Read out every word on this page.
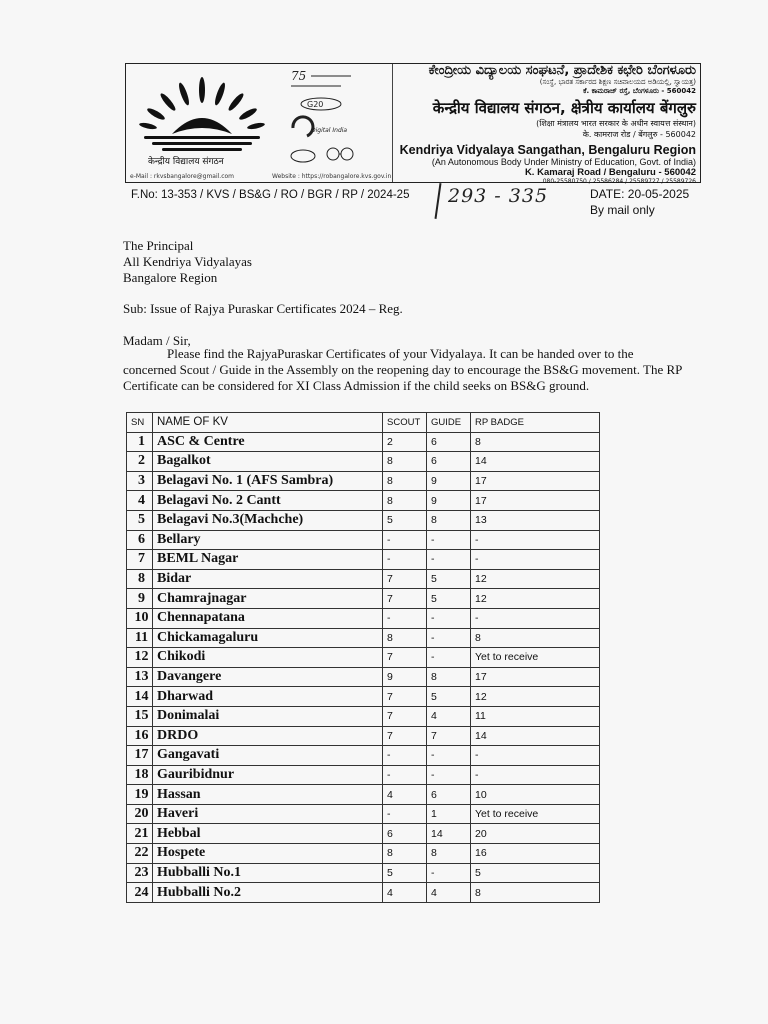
केन्द्रीय विद्यालय संगठन
75
G20
Digital India
e-Mail : rkvsbangalore@gmail.com	Website : https://robangalore.kvs.gov.in
ಕೇಂದ್ರೀಯ ವಿದ್ಯಾಲಯ ಸಂಘಟನೆ, ಪ್ರಾದೇಶಿಕ ಕಛೇರಿ ಬೆಂಗಳೂರು
(ಸಂಸ್ಥೆ, ಭಾರತ ಸರ್ಕಾರದ ಶಿಕ್ಷಣ ಸಚಿವಾಲಯದ ಅಡಿಯಲ್ಲಿ, ಸ್ವಾಯತ್ತ)
ಕೆ. ಕಾಮರಾಜ್ ರಸ್ತೆ, ಬೆಂಗಳೂರು - 560042
केन्द्रीय विद्यालय संगठन, क्षेत्रीय कार्यालय बेंगलुरु
(शिक्षा मंत्रालय भारत सरकार के अधीन स्वायत्त संस्थान)
के. कामराज रोड / बेंगलुरु - 560042
Kendriya Vidyalaya Sangathan, Bengaluru Region
(An Autonomous Body Under Ministry of Education, Govt. of India)
K. Kamaraj Road / Bengaluru - 560042
080-25580750 / 25586284 / 25589727 / 25589726
F.No: 13-353 / KVS / BS&G / RO / BGR / RP / 2024-25 293 - 335	DATE: 20-05-2025
By mail only
The Principal
All Kendriya Vidyalayas
Bangalore Region
Sub: Issue of Rajya Puraskar Certificates 2024 – Reg.
Madam / Sir,
Please find the RajyaPuraskar Certificates of your Vidyalaya. It can be handed over to the concerned Scout / Guide in the Assembly on the reopening day to encourage the BS&G movement. The RP Certificate can be considered for XI Class Admission if the child seeks on BS&G ground.
SN	NAME OF KV	SCOUT	GUIDE	RP BADGE
1	ASC & Centre	2	6	8
2	Bagalkot	8	6	14
3	Belagavi No. 1 (AFS Sambra)	8	9	17
4	Belagavi No. 2 Cantt	8	9	17
5	Belagavi No.3(Machche)	5	8	13
6	Bellary	-	-	-
7	BEML Nagar	-	-	-
8	Bidar	7	5	12
9	Chamrajnagar	7	5	12
10	Chennapatana	-	-	-
11	Chickamagaluru	8	-	8
12	Chikodi	7	-	Yet to receive
13	Davangere	9	8	17
14	Dharwad	7	5	12
15	Donimalai	7	4	11
16	DRDO	7	7	14
17	Gangavati	-	-	-
18	Gauribidnur	-	-	-
19	Hassan	4	6	10
20	Haveri	-	1	Yet to receive
21	Hebbal	6	14	20
22	Hospete	8	8	16
23	Hubballi No.1	5	-	5
24	Hubballi No.2	4	4	8
